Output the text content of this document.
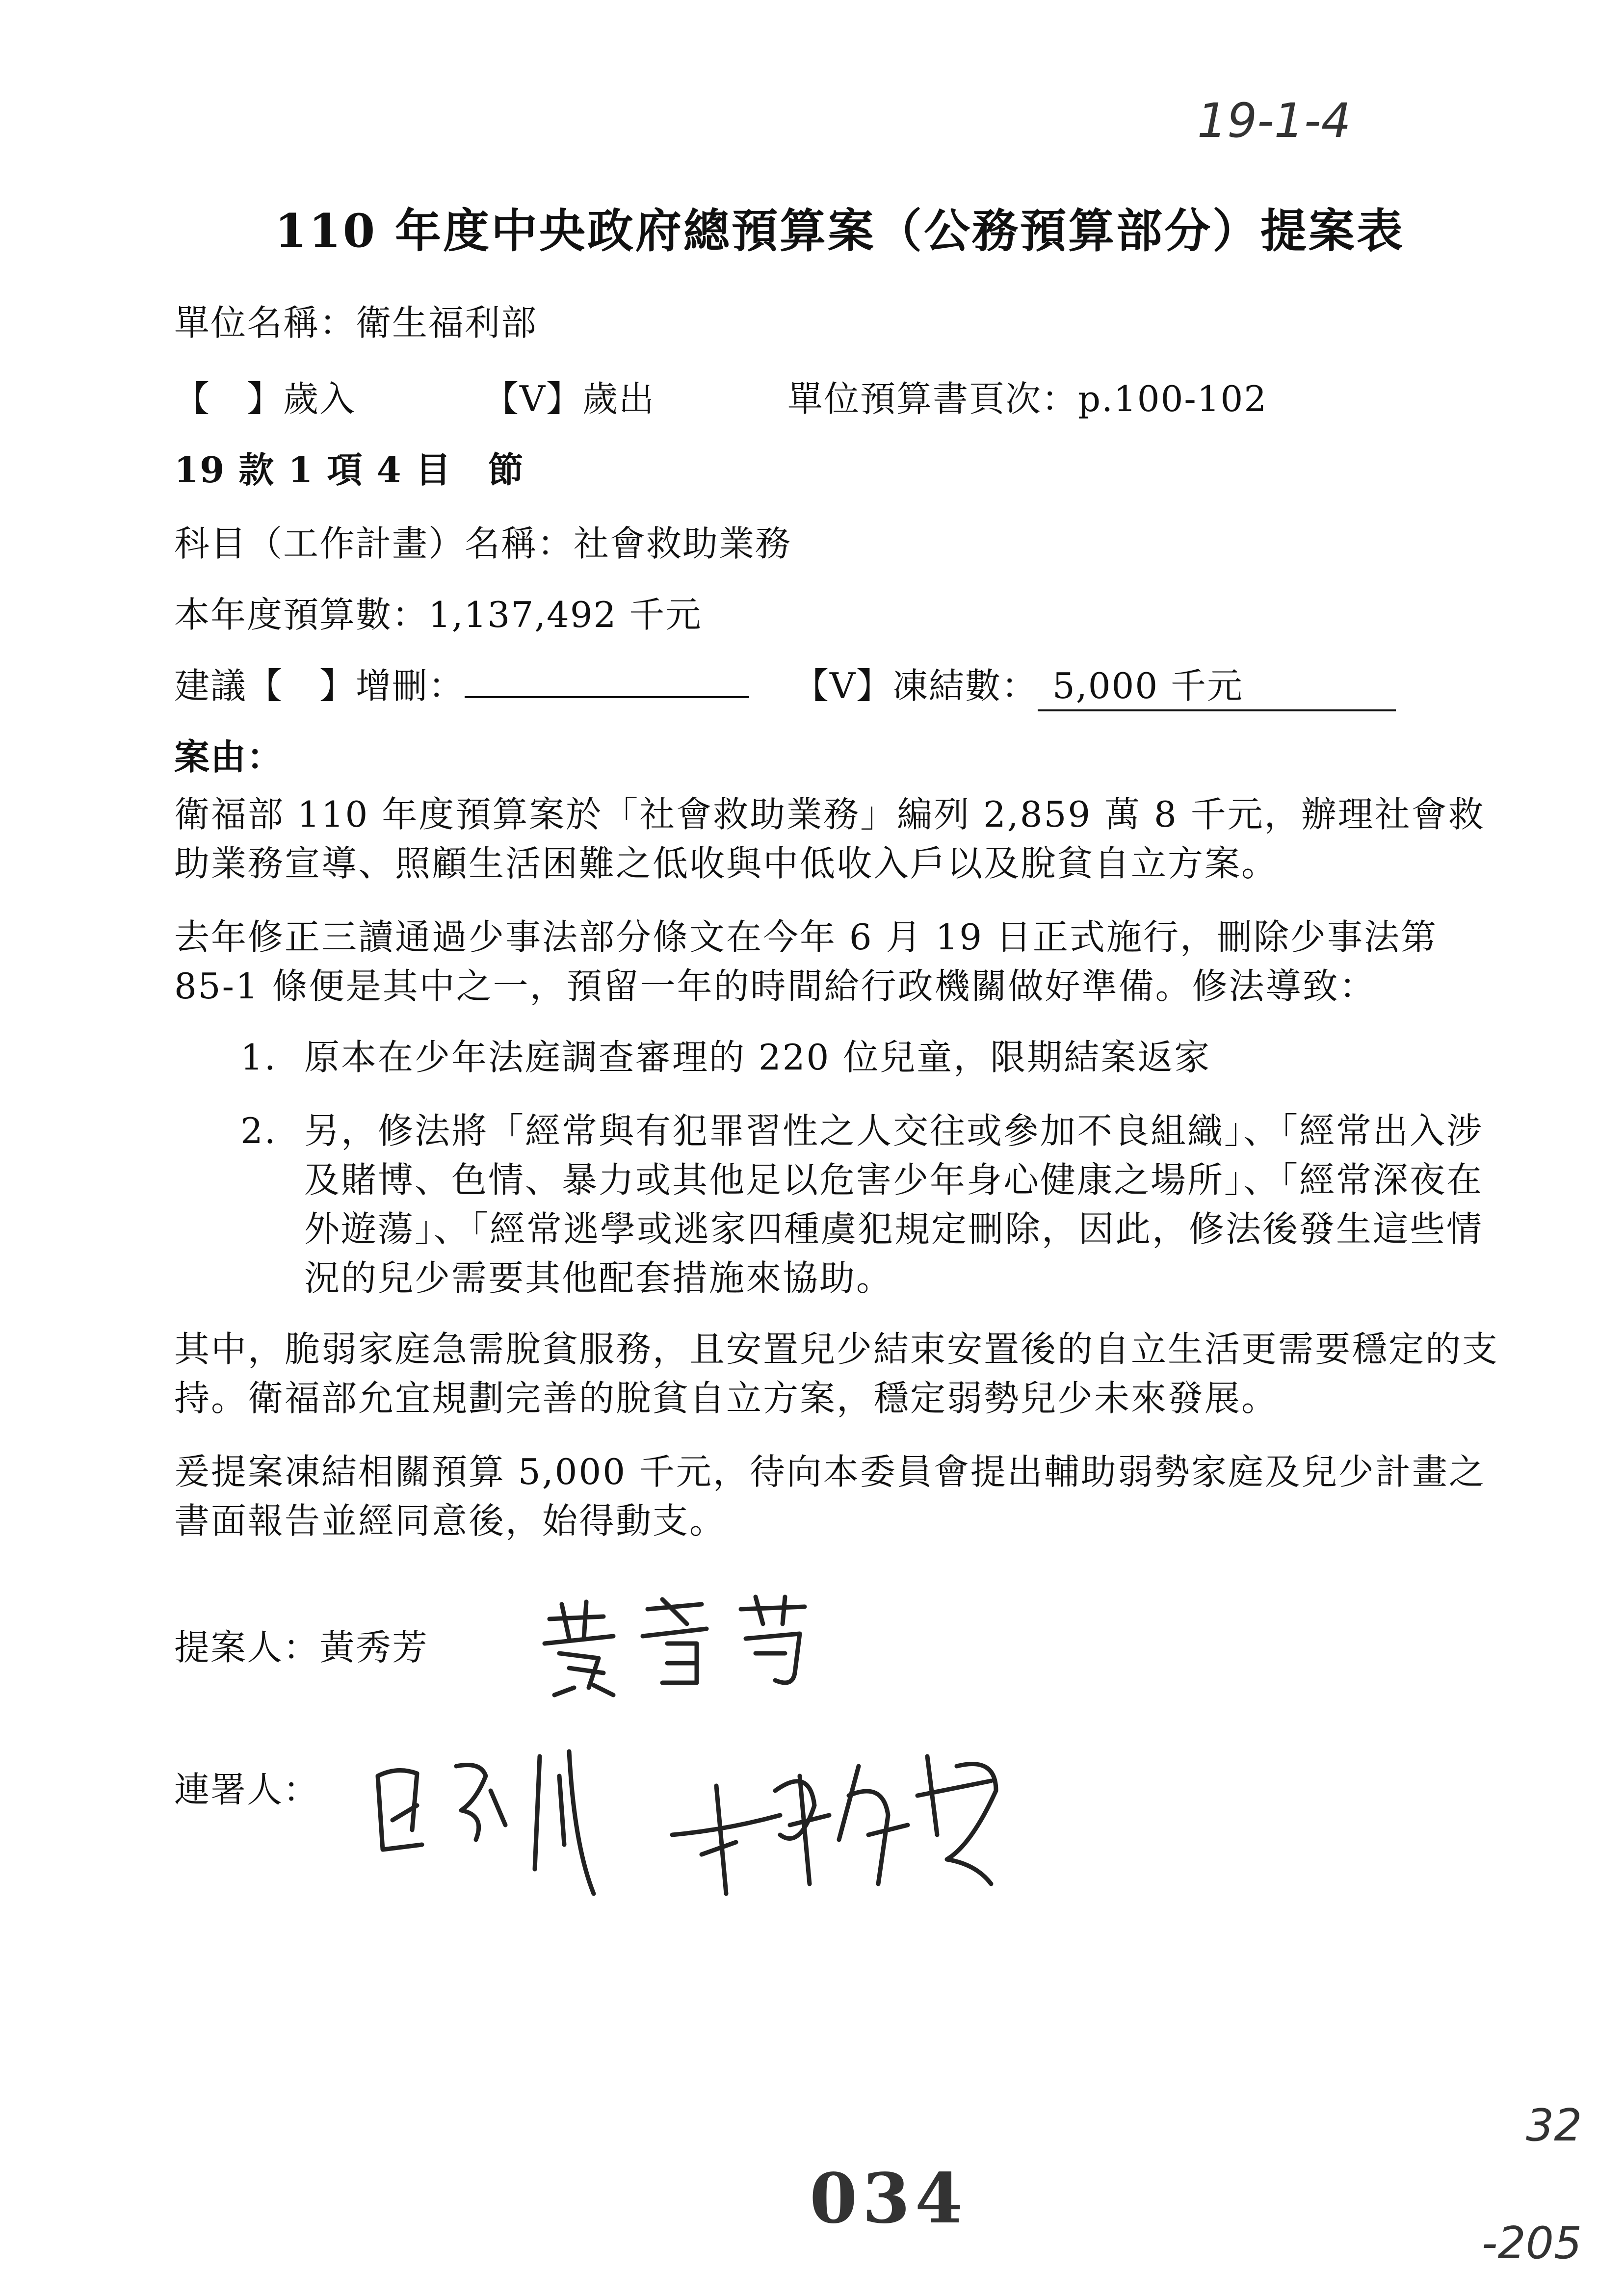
19-1-4
110 年度中央政府總預算案（公務預算部分）提案表
單位名稱：衛生福利部
【　】歲入	【V】歲出	單位預算書頁次：p.100-102
19 款 1 項 4 目　節
科目（工作計畫）名稱：社會救助業務
本年度預算數：1,137,492 千元
建議【　】增刪：	【V】凍結數： 5,000 千元
案由：
衛福部 110 年度預算案於「社會救助業務」編列 2,859 萬 8 千元，辦理社會救助業務宣導、照顧生活困難之低收與中低收入戶以及脫貧自立方案。
去年修正三讀通過少事法部分條文在今年 6 月 19 日正式施行，刪除少事法第 85-1 條便是其中之一，預留一年的時間給行政機關做好準備。修法導致：
1. 原本在少年法庭調查審理的 220 位兒童，限期結案返家
2. 另，修法將「經常與有犯罪習性之人交往或參加不良組織」、「經常出入涉及賭博、色情、暴力或其他足以危害少年身心健康之場所」、「經常深夜在外遊蕩」、「經常逃學或逃家四種虞犯規定刪除，因此，修法後發生這些情況的兒少需要其他配套措施來協助。
其中，脆弱家庭急需脫貧服務，且安置兒少結束安置後的自立生活更需要穩定的支持。衛福部允宜規劃完善的脫貧自立方案，穩定弱勢兒少未來發展。
爰提案凍結相關預算 5,000 千元，待向本委員會提出輔助弱勢家庭及兒少計畫之書面報告並經同意後，始得動支。
提案人：黃秀芳
連署人：
034
32
-205
